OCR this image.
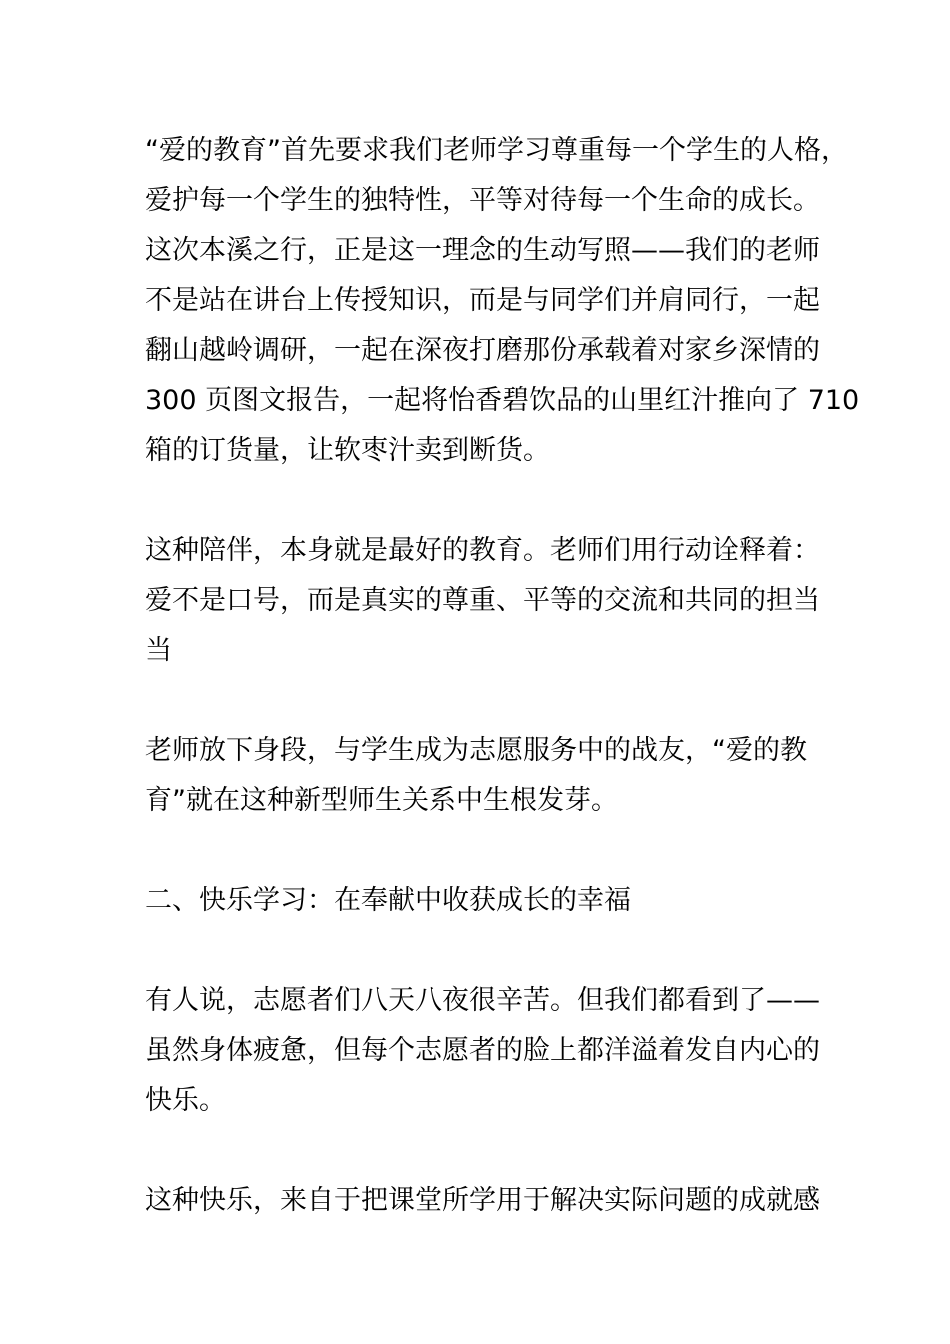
“爱的教育”首先要求我们老师学习尊重每一个学生的人格，
爱护每一个学生的独特性，平等对待每一个生命的成长。
这次本溪之行，正是这一理念的生动写照——我们的老师
不是站在讲台上传授知识，而是与同学们并肩同行，一起
翻山越岭调研，一起在深夜打磨那份承载着对家乡深情的
300 页图文报告，一起将怡香碧饮品的山里红汁推向了 710
箱的订货量，让软枣汁卖到断货。
这种陪伴，本身就是最好的教育。老师们用行动诠释着：
爱不是口号，而是真实的尊重、平等的交流和共同的担当
当
老师放下身段，与学生成为志愿服务中的战友，“爱的教
育”就在这种新型师生关系中生根发芽。
二、快乐学习：在奉献中收获成长的幸福
有人说，志愿者们八天八夜很辛苦。但我们都看到了——
虽然身体疲惫，但每个志愿者的脸上都洋溢着发自内心的
快乐。
这种快乐，来自于把课堂所学用于解决实际问题的成就感
